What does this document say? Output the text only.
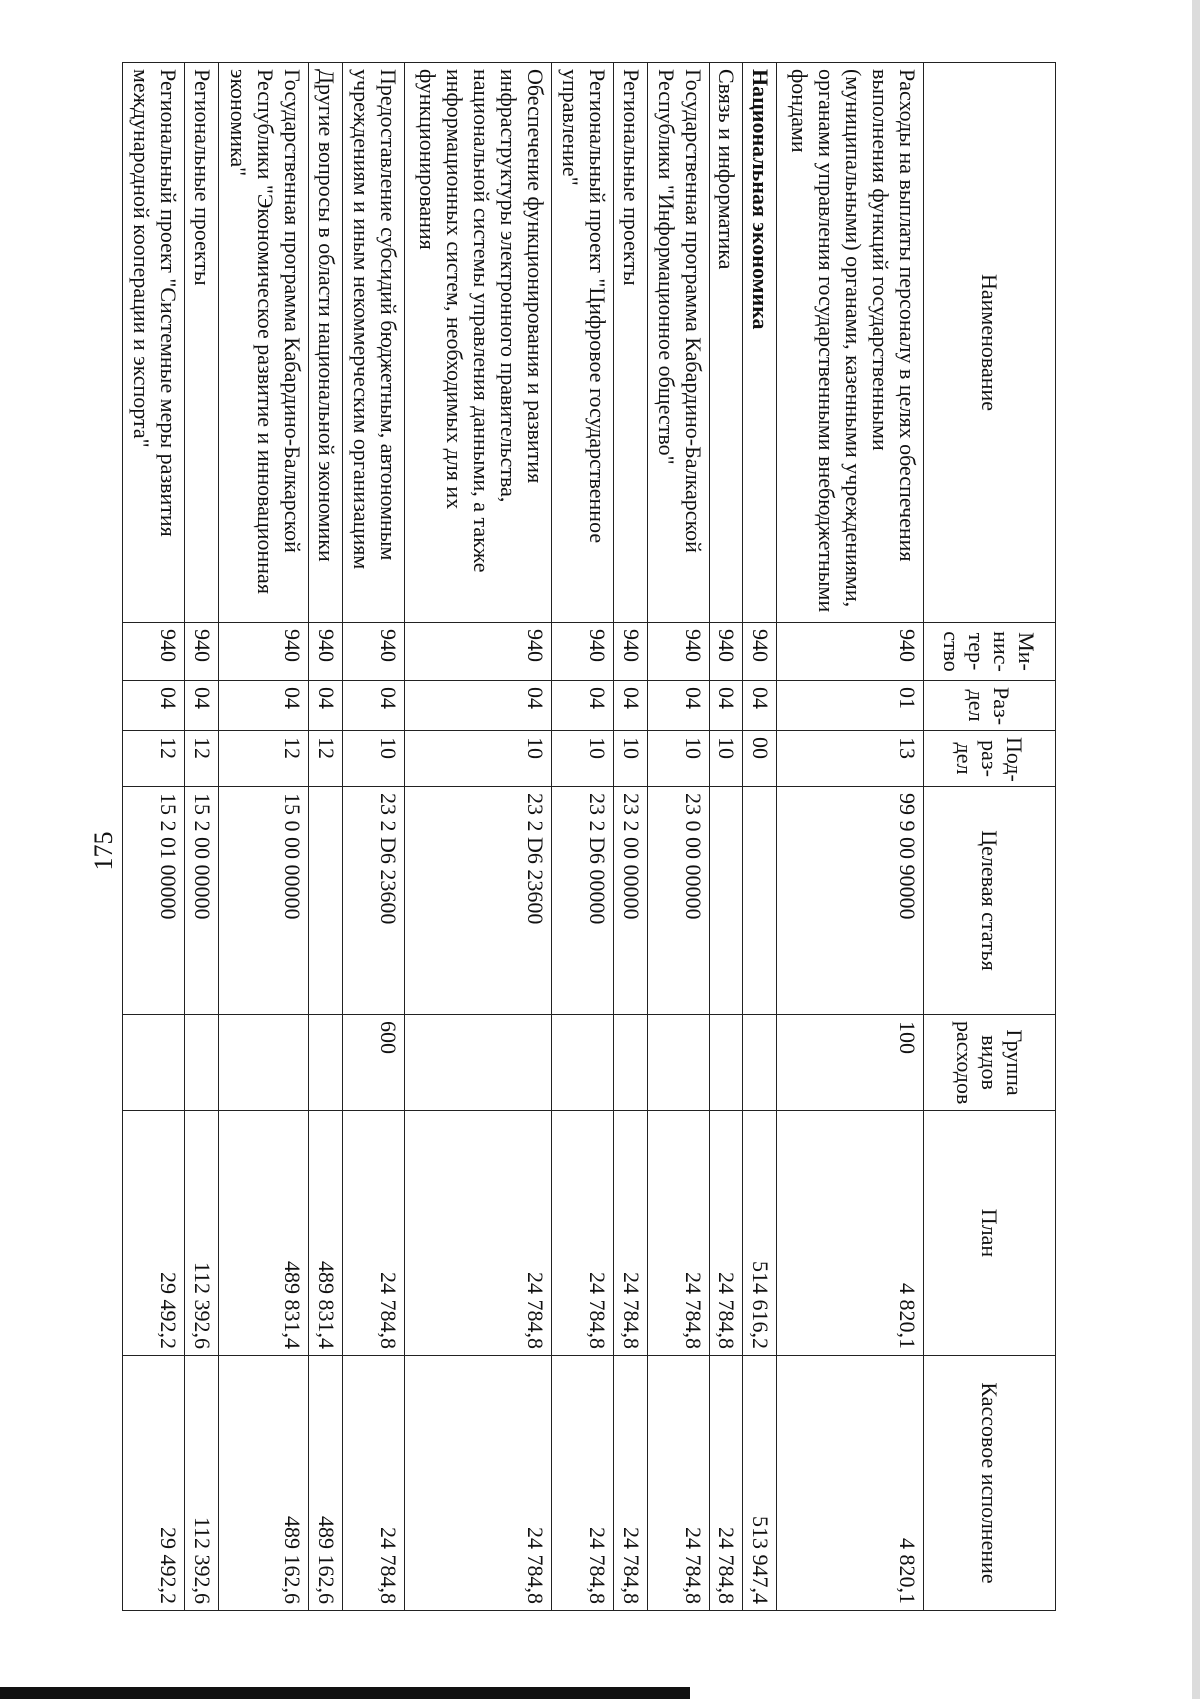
175
Наименование	Ми-нис-тер-ство	Раз-дел	Под-раз-дел	Целевая статья	Группа видов расходов	План	Кассовое исполнение
Расходы на выплаты персоналу в целях обеспечения выполнения функций государственными (муниципальными) органами, казенными учреждениями, органами управления государственными внебюджетными фондами	940	01	13	99 9 00 90000	100	4 820,1	4 820,1
Национальная экономика	940	04	00			514 616,2	513 947,4
Связь и информатика	940	04	10			24 784,8	24 784,8
Государственная программа Кабардино-Балкарской Республики "Информационное общество"	940	04	10	23 0 00 00000		24 784,8	24 784,8
Региональные проекты	940	04	10	23 2 00 00000		24 784,8	24 784,8
Региональный проект "Цифровое государственное управление"	940	04	10	23 2 D6 00000		24 784,8	24 784,8
Обеспечение функционирования и развития инфраструктуры электронного правительства, национальной системы управления данными, а также информационных систем, необходимых для их функционирования	940	04	10	23 2 D6 23600		24 784,8	24 784,8
Предоставление субсидий бюджетным, автономным учреждениям и иным некоммерческим организациям	940	04	10	23 2 D6 23600	600	24 784,8	24 784,8
Другие вопросы в области национальной экономики	940	04	12			489 831,4	489 162,6
Государственная программа Кабардино-Балкарской Республики "Экономическое развитие и инновационная экономика"	940	04	12	15 0 00 00000		489 831,4	489 162,6
Региональные проекты	940	04	12	15 2 00 00000		112 392,6	112 392,6
Региональный проект "Системные меры развития международной кооперации и экспорта"	940	04	12	15 2 01 00000		29 492,2	29 492,2
